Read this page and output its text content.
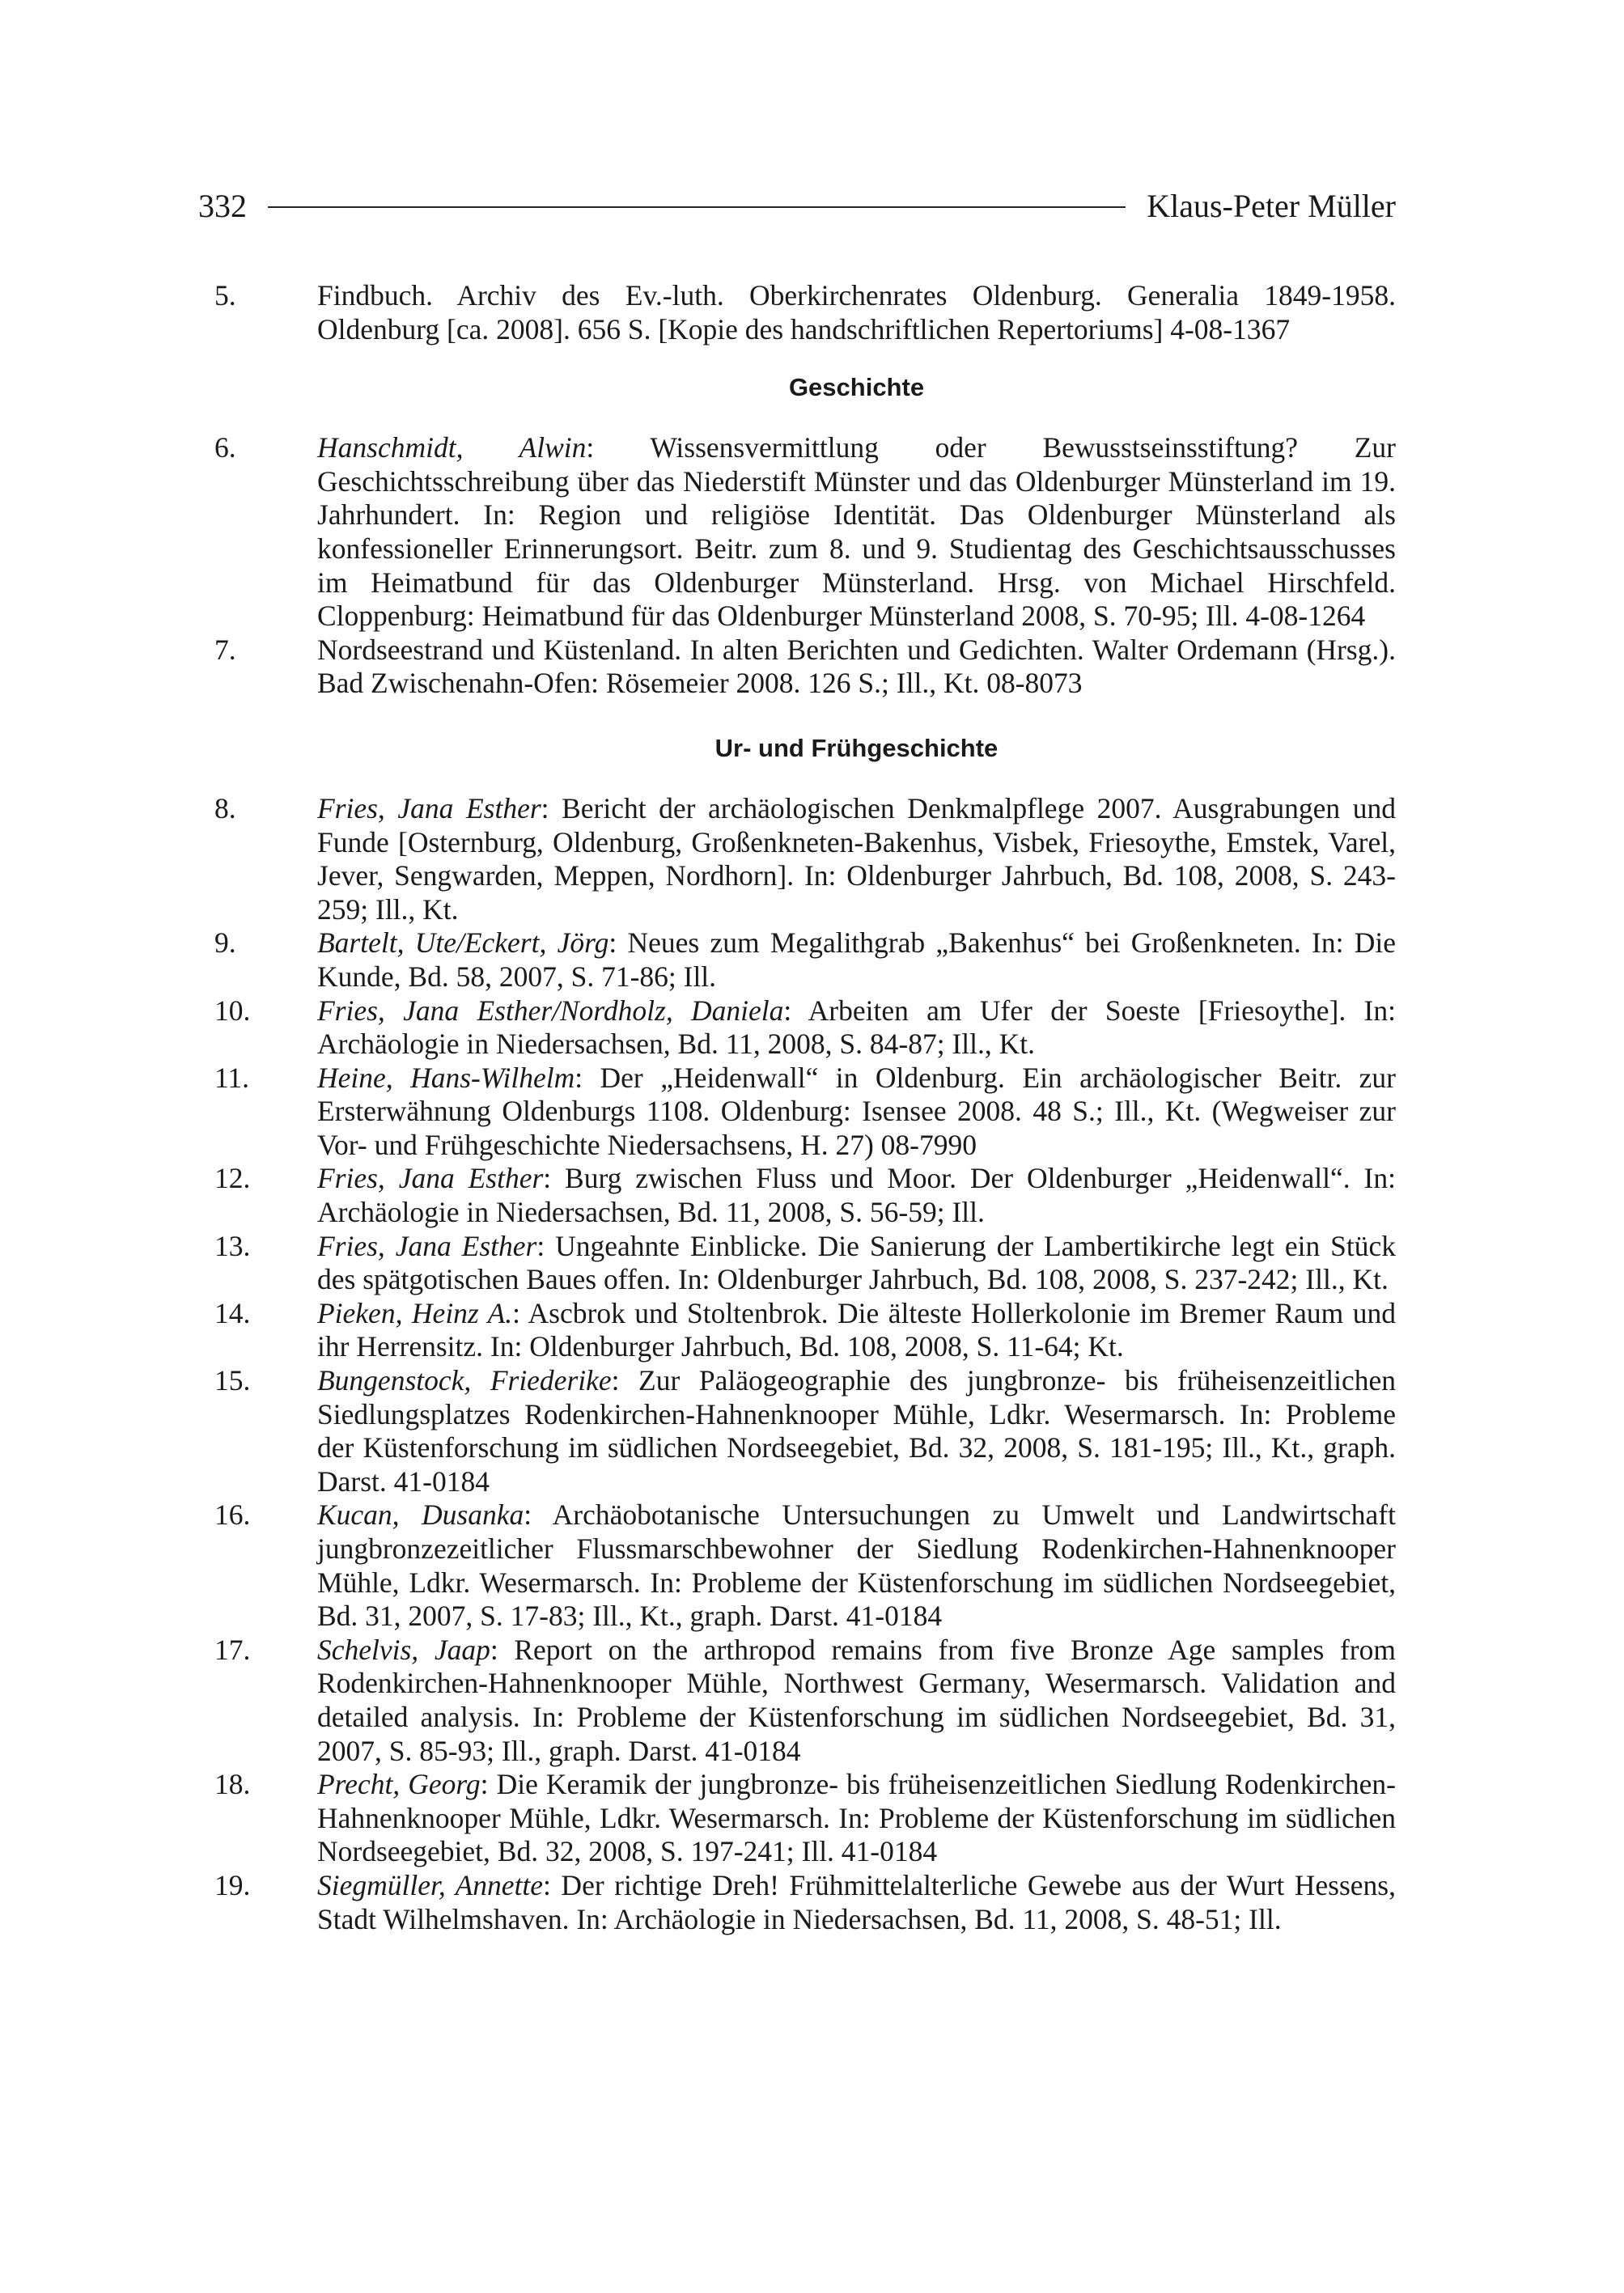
332	Klaus-Peter Müller
5.	Findbuch. Archiv des Ev.-luth. Oberkirchenrates Oldenburg. Generalia 1849-1958. Oldenburg [ca. 2008]. 656 S. [Kopie des handschriftlichen Repertoriums] 4-08-1367
Geschichte
6.	Hanschmidt, Alwin: Wissensvermittlung oder Bewusstseinsstiftung? Zur Geschichtsschreibung über das Niederstift Münster und das Oldenburger Münsterland im 19. Jahrhundert. In: Region und religiöse Identität. Das Oldenburger Münsterland als konfessioneller Erinnerungsort. Beitr. zum 8. und 9. Studientag des Geschichtsausschusses im Heimatbund für das Oldenburger Münsterland. Hrsg. von Michael Hirschfeld. Cloppenburg: Heimatbund für das Oldenburger Münsterland 2008, S. 70-95; Ill. 4-08-1264
7.	Nordseestrand und Küstenland. In alten Berichten und Gedichten. Walter Ordemann (Hrsg.). Bad Zwischenahn-Ofen: Rösemeier 2008. 126 S.; Ill., Kt. 08-8073
Ur- und Frühgeschichte
8.	Fries, Jana Esther: Bericht der archäologischen Denkmalpflege 2007. Ausgrabungen und Funde [Osternburg, Oldenburg, Großenkneten-Bakenhus, Visbek, Friesoythe, Emstek, Varel, Jever, Sengwarden, Meppen, Nordhorn]. In: Oldenburger Jahrbuch, Bd. 108, 2008, S. 243-259; Ill., Kt.
9.	Bartelt, Ute/Eckert, Jörg: Neues zum Megalithgrab „Bakenhus“ bei Großenkneten. In: Die Kunde, Bd. 58, 2007, S. 71-86; Ill.
10.	Fries, Jana Esther/Nordholz, Daniela: Arbeiten am Ufer der Soeste [Friesoythe]. In: Archäologie in Niedersachsen, Bd. 11, 2008, S. 84-87; Ill., Kt.
11.	Heine, Hans-Wilhelm: Der „Heidenwall“ in Oldenburg. Ein archäologischer Beitr. zur Ersterwähnung Oldenburgs 1108. Oldenburg: Isensee 2008. 48 S.; Ill., Kt. (Wegweiser zur Vor- und Frühgeschichte Niedersachsens, H. 27) 08-7990
12.	Fries, Jana Esther: Burg zwischen Fluss und Moor. Der Oldenburger „Heidenwall“. In: Archäologie in Niedersachsen, Bd. 11, 2008, S. 56-59; Ill.
13.	Fries, Jana Esther: Ungeahnte Einblicke. Die Sanierung der Lambertikirche legt ein Stück des spätgotischen Baues offen. In: Oldenburger Jahrbuch, Bd. 108, 2008, S. 237-242; Ill., Kt.
14.	Pieken, Heinz A.: Ascbrok und Stoltenbrok. Die älteste Hollerkolonie im Bremer Raum und ihr Herrensitz. In: Oldenburger Jahrbuch, Bd. 108, 2008, S. 11-64; Kt.
15.	Bungenstock, Friederike: Zur Paläogeographie des jungbronze- bis früheisenzeitlichen Siedlungsplatzes Rodenkirchen-Hahnenknooper Mühle, Ldkr. Wesermarsch. In: Probleme der Küstenforschung im südlichen Nordseegebiet, Bd. 32, 2008, S. 181-195; Ill., Kt., graph. Darst. 41-0184
16.	Kucan, Dusanka: Archäobotanische Untersuchungen zu Umwelt und Landwirtschaft jungbronzezeitlicher Flussmarschbewohner der Siedlung Rodenkirchen-Hahnenknooper Mühle, Ldkr. Wesermarsch. In: Probleme der Küstenforschung im südlichen Nordseegebiet, Bd. 31, 2007, S. 17-83; Ill., Kt., graph. Darst. 41-0184
17.	Schelvis, Jaap: Report on the arthropod remains from five Bronze Age samples from Rodenkirchen-Hahnenknooper Mühle, Northwest Germany, Wesermarsch. Validation and detailed analysis. In: Probleme der Küstenforschung im südlichen Nordseegebiet, Bd. 31, 2007, S. 85-93; Ill., graph. Darst. 41-0184
18.	Precht, Georg: Die Keramik der jungbronze- bis früheisenzeitlichen Siedlung Rodenkirchen-Hahnenknooper Mühle, Ldkr. Wesermarsch. In: Probleme der Küstenforschung im südlichen Nordseegebiet, Bd. 32, 2008, S. 197-241; Ill. 41-0184
19.	Siegmüller, Annette: Der richtige Dreh! Frühmittelalterliche Gewebe aus der Wurt Hessens, Stadt Wilhelmshaven. In: Archäologie in Niedersachsen, Bd. 11, 2008, S. 48-51; Ill.
